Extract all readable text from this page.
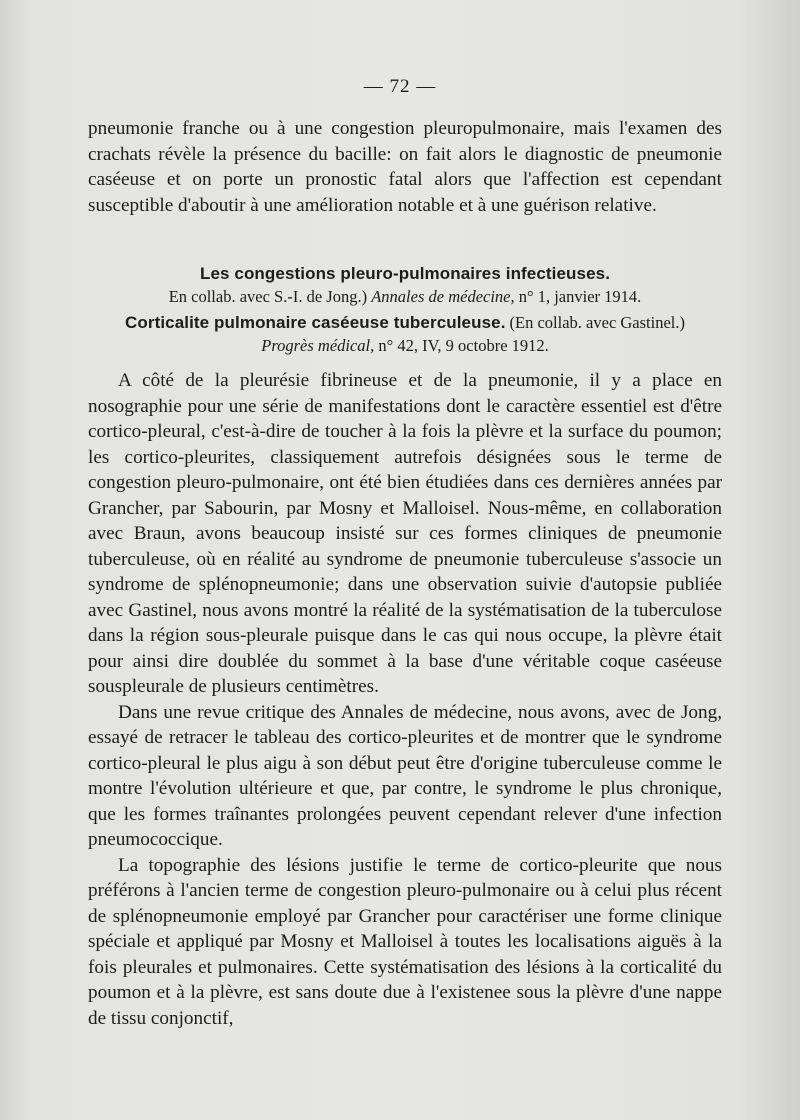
— 72 —

pneumonie franche ou à une congestion pleuropulmonaire, mais l'examen des crachats révèle la présence du bacille: on fait alors le diagnostic de pneumonie caséeuse et on porte un pronostic fatal alors que l'affection est cependant susceptible d'aboutir à une amélioration notable et à une guérison relative.

Les congestions pleuro-pulmonaires infectieuses.
En collab. avec S.-I. de Jong.) Annales de médecine, n° 1, janvier 1914.
Corticalite pulmonaire caséeuse tuberculeuse. (En collab. avec Gastinel.)
Progrès médical, n° 42, IV, 9 octobre 1912.

A côté de la pleurésie fibrineuse et de la pneumonie, il y a place en nosographie pour une série de manifestations dont le caractère essentiel est d'être cortico-pleural, c'est-à-dire de toucher à la fois la plèvre et la surface du poumon; les cortico-pleurites, classiquement autrefois désignées sous le terme de congestion pleuro-pulmonaire, ont été bien étudiées dans ces dernières années par Grancher, par Sabourin, par Mosny et Malloisel. Nous-même, en collaboration avec Braun, avons beaucoup insisté sur ces formes cliniques de pneumonie tuberculeuse, où en réalité au syndrome de pneumonie tuberculeuse s'associe un syndrome de splénopneumonie; dans une observation suivie d'autopsie publiée avec Gastinel, nous avons montré la réalité de la systématisation de la tuberculose dans la région sous-pleurale puisque dans le cas qui nous occupe, la plèvre était pour ainsi dire doublée du sommet à la base d'une véritable coque caséeuse souspleurale de plusieurs centimètres.

Dans une revue critique des Annales de médecine, nous avons, avec de Jong, essayé de retracer le tableau des cortico-pleurites et de montrer que le syndrome cortico-pleural le plus aigu à son début peut être d'origine tuberculeuse comme le montre l'évolution ultérieure et que, par contre, le syndrome le plus chronique, que les formes traînantes prolongées peuvent cependant relever d'une infection pneumococcique.

La topographie des lésions justifie le terme de cortico-pleurite que nous préférons à l'ancien terme de congestion pleuro-pulmonaire ou à celui plus récent de splénopneumonie employé par Grancher pour caractériser une forme clinique spéciale et appliqué par Mosny et Malloisel à toutes les localisations aiguës à la fois pleurales et pulmonaires. Cette systématisation des lésions à la corticalité du poumon et à la plèvre, est sans doute due à l'existenee sous la plèvre d'une nappe de tissu conjonctif,
